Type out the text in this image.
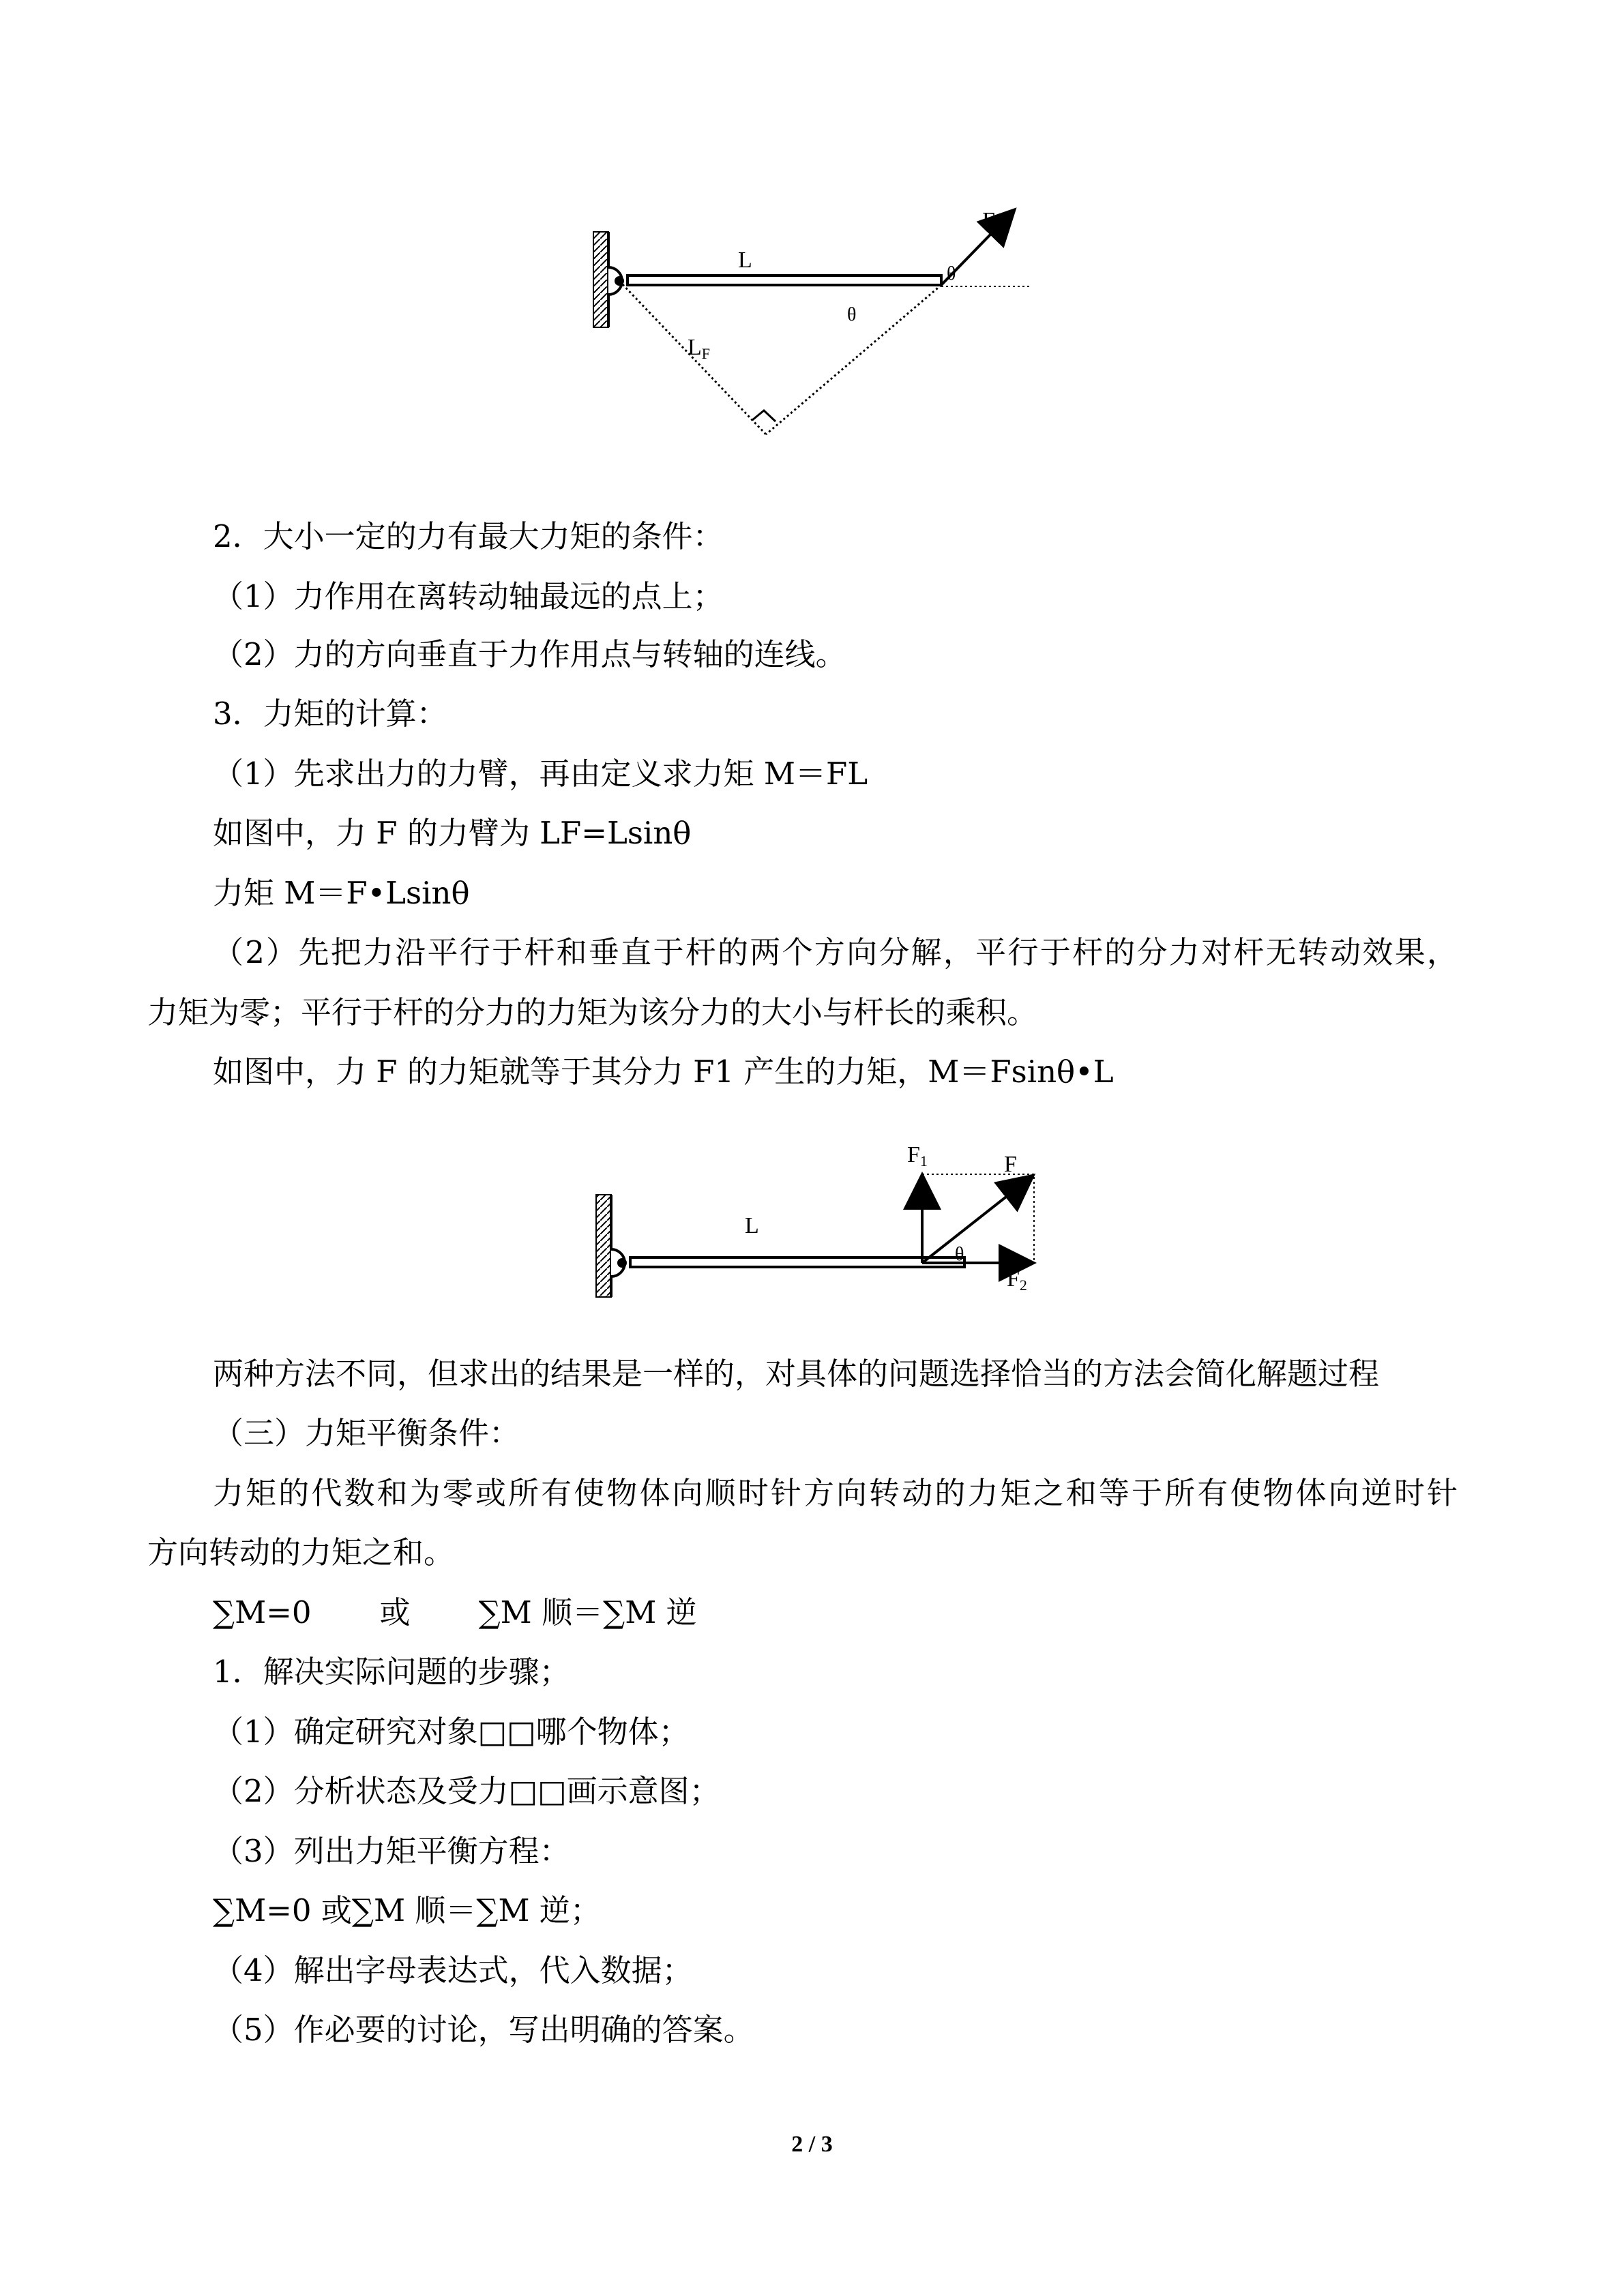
L
F
θ
θ
LF
2．大小一定的力有最大力矩的条件：
（1）力作用在离转动轴最远的点上；
（2）力的方向垂直于力作用点与转轴的连线。
3．力矩的计算：
（1）先求出力的力臂，再由定义求力矩 M＝FL
如图中，力 F 的力臂为 LF=Lsinθ
力矩 M＝F•Lsinθ
（2）先把力沿平行于杆和垂直于杆的两个方向分解，平行于杆的分力对杆无转动效果，
力矩为零；平行于杆的分力的力矩为该分力的大小与杆长的乘积。
如图中，力 F 的力矩就等于其分力 F1 产生的力矩，M＝Fsinθ•L
L
F
F1
F2
θ
两种方法不同，但求出的结果是一样的，对具体的问题选择恰当的方法会简化解题过程
（三）力矩平衡条件：
力矩的代数和为零或所有使物体向顺时针方向转动的力矩之和等于所有使物体向逆时针
方向转动的力矩之和。
∑M=0 或 ∑M 顺＝∑M 逆
1．解决实际问题的步骤；
（1）确定研究对象□□哪个物体；
（2）分析状态及受力□□画示意图；
（3）列出力矩平衡方程：
∑M=0 或∑M 顺＝∑M 逆；
（4）解出字母表达式，代入数据；
（5）作必要的讨论，写出明确的答案。
2 / 3
